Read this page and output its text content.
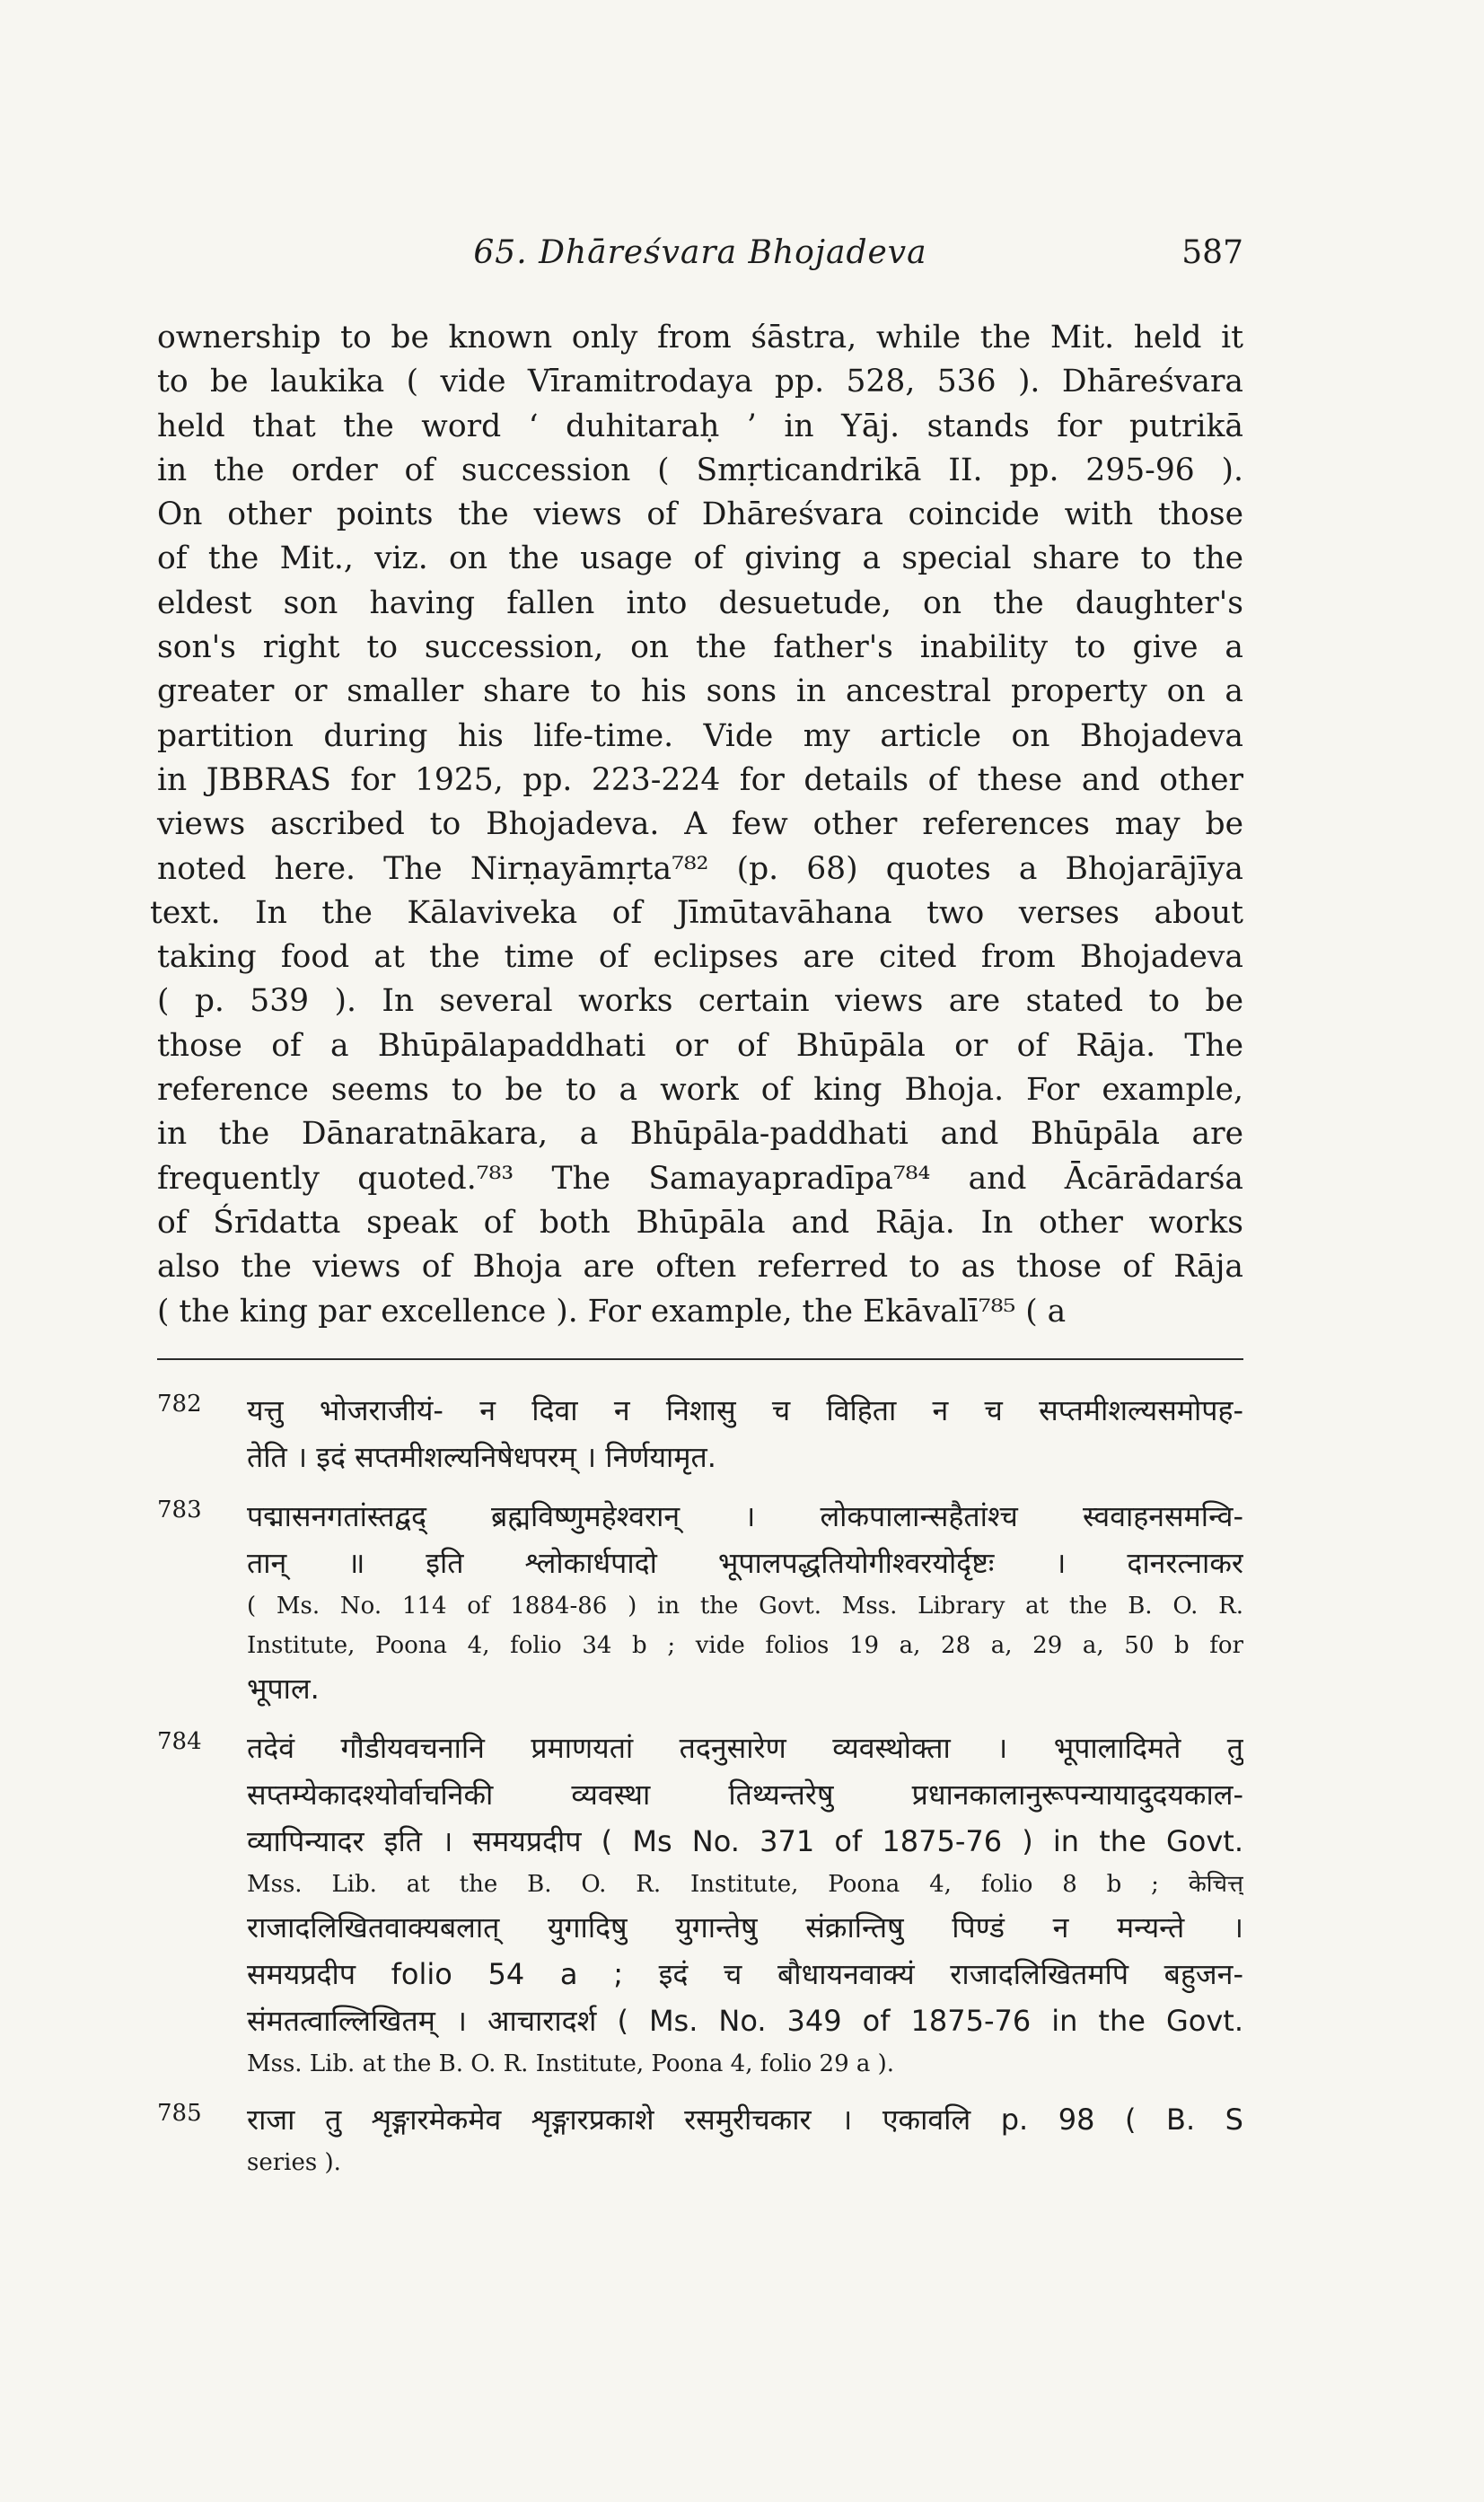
65. Dhāreśvara Bhojadeva	587
ownership to be known only from śāstra, while the Mit. held it
to be laukika ( vide Vīramitrodaya pp. 528, 536 ). Dhāreśvara
held that the word ‘ duhitaraḥ ’ in Yāj. stands for putrikā
in the order of succession ( Smṛticandrikā II. pp. 295-96 ).
On other points the views of Dhāreśvara coincide with those
of the Mit., viz. on the usage of giving a special share to the
eldest son having fallen into desuetude, on the daughter's
son's right to succession, on the father's inability to give a
greater or smaller share to his sons in ancestral property on a
partition during his life-time. Vide my article on Bhojadeva
in JBBRAS for 1925, pp. 223-224 for details of these and other
views ascribed to Bhojadeva. A few other references may be
noted here. The Nirṇayāmṛta⁷⁸² (p. 68) quotes a Bhojarājīya
text. In the Kālaviveka of Jīmūtavāhana two verses about
taking food at the time of eclipses are cited from Bhojadeva
( p. 539 ). In several works certain views are stated to be
those of a Bhūpālapaddhati or of Bhūpāla or of Rāja. The
reference seems to be to a work of king Bhoja. For example,
in the Dānaratnākara, a Bhūpāla-paddhati and Bhūpāla are
frequently quoted.⁷⁸³ The Samayapradīpa⁷⁸⁴ and Ācārādarśa
of Śrīdatta speak of both Bhūpāla and Rāja. In other works
also the views of Bhoja are often referred to as those of Rāja
( the king par excellence ). For example, the Ekāvalī⁷⁸⁵ ( a
782 यत्तु भोजराजीयं- न दिवा न निशासु च विहिता न च सप्तमीशल्यसमोपह-
तेति । इदं सप्तमीशल्यनिषेधपरम् । निर्णयामृत.
783 पद्मासनगतांस्तद्वद् ब्रह्मविष्णुमहेश्वरान् । लोकपालान्सहैतांश्च स्ववाहनसमन्वि-
तान् ॥ इति श्लोकार्धपादो भूपालपद्धतियोगीश्वरयोर्दृष्टः । दानरत्नाकर
( Ms. No. 114 of 1884-86 ) in the Govt. Mss. Library at the B. O. R.
Institute, Poona 4, folio 34 b ; vide folios 19 a, 28 a, 29 a, 50 b for
भूपाल.
784 तदेवं गौडीयवचनानि प्रमाणयतां तदनुसारेण व्यवस्थोक्ता । भूपालादिमते तु
सप्तम्येकादश्योर्वाचनिकी व्यवस्था तिथ्यन्तरेषु प्रधानकालानुरूपन्यायादुदयकाल-
व्यापिन्यादर इति । समयप्रदीप ( Ms No. 371 of 1875-76 ) in the Govt.
Mss. Lib. at the B. O. R. Institute, Poona 4, folio 8 b ; केचित्त्
राजादलिखितवाक्यबलात् युगादिषु युगान्तेषु संक्रान्तिषु पिण्डं न मन्यन्ते ।
समयप्रदीप folio 54 a ; इदं च बौधायनवाक्यं राजादलिखितमपि बहुजन-
संमतत्वाल्लिखितम् । आचारादर्श ( Ms. No. 349 of 1875-76 in the Govt.
Mss. Lib. at the B. O. R. Institute, Poona 4, folio 29 a ).
785 राजा तु शृङ्गारमेकमेव शृङ्गारप्रकाशे रसमुरीचकार । एकावलि p. 98 ( B. S
series ).
